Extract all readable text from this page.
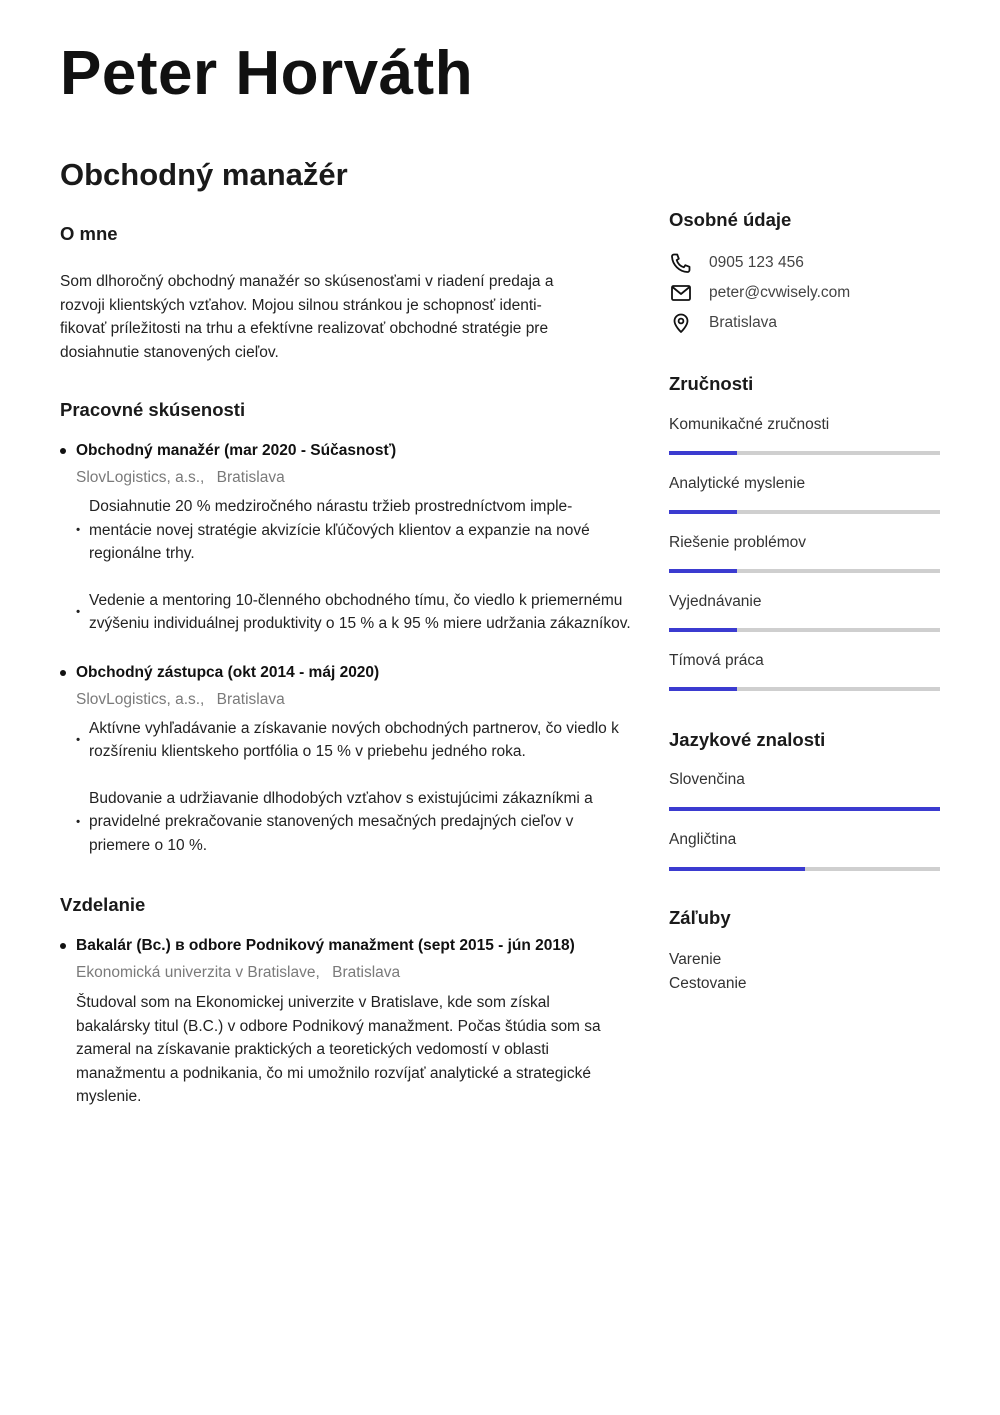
Peter Horváth
Obchodný manažér
O mne

Som dlhoročný obchodný manažér so skúsenosťami v riadení predaja a rozvoji klientských vzťahov. Mojou silnou stránkou je schopnosť identi- fikovať príležitosti na trhu a efektívne realizovať obchodné stratégie pre dosiahnutie stanovených cieľov.

Pracovné skúsenosti
Obchodný manažér (mar 2020 - Súčasnosť)
SlovLogistics, a.s., Bratislava
• Dosiahnutie 20 % medziročného nárastu tržieb prostredníctvom imple- mentácie novej stratégie akvizície kľúčových klientov a expanzie na nové regionálne trhy.
• Vedenie a mentoring 10-členného obchodného tímu, čo viedlo k priemernému zvýšeniu individuálnej produktivity o 15 % a k 95 % miere udržania zákazníkov.
Obchodný zástupca (okt 2014 - máj 2020)
SlovLogistics, a.s., Bratislava
• Aktívne vyhľadávanie a získavanie nových obchodných partnerov, čo viedlo k rozšíreniu klientskeho portfólia o 15 % v priebehu jedného roka.
• Budovanie a udržiavanie dlhodobých vzťahov s existujúcimi zákazníkmi a pravidelné prekračovanie stanovených mesačných predajných cieľov v priemere o 10 %.
Vzdelanie
Bakalár (Bc.) в odbore Podnikový manažment (sept 2015 - jún 2018)
Ekonomická univerzita v Bratislave, Bratislava

Študoval som na Ekonomickej univerzite v Bratislave, kde som získal bakalársky titul (B.C.) v odbore Podnikový manažment. Počas štúdia som sa zameral na získavanie praktických a teoretických vedomostí v oblasti manažmentu a podnikania, čo mi umožnilo rozvíjať analytické a strategické myslenie.

Osobné údaje
0905 123 456
peter@cvwisely.com
Bratislava
Zručnosti
Komunikačné zručnosti
Analytické myslenie
Riešenie problémov
Vyjednávanie
Tímová práca
Jazykové znalosti
Slovenčina
Angličtina
Záľuby
Varenie
Cestovanie
